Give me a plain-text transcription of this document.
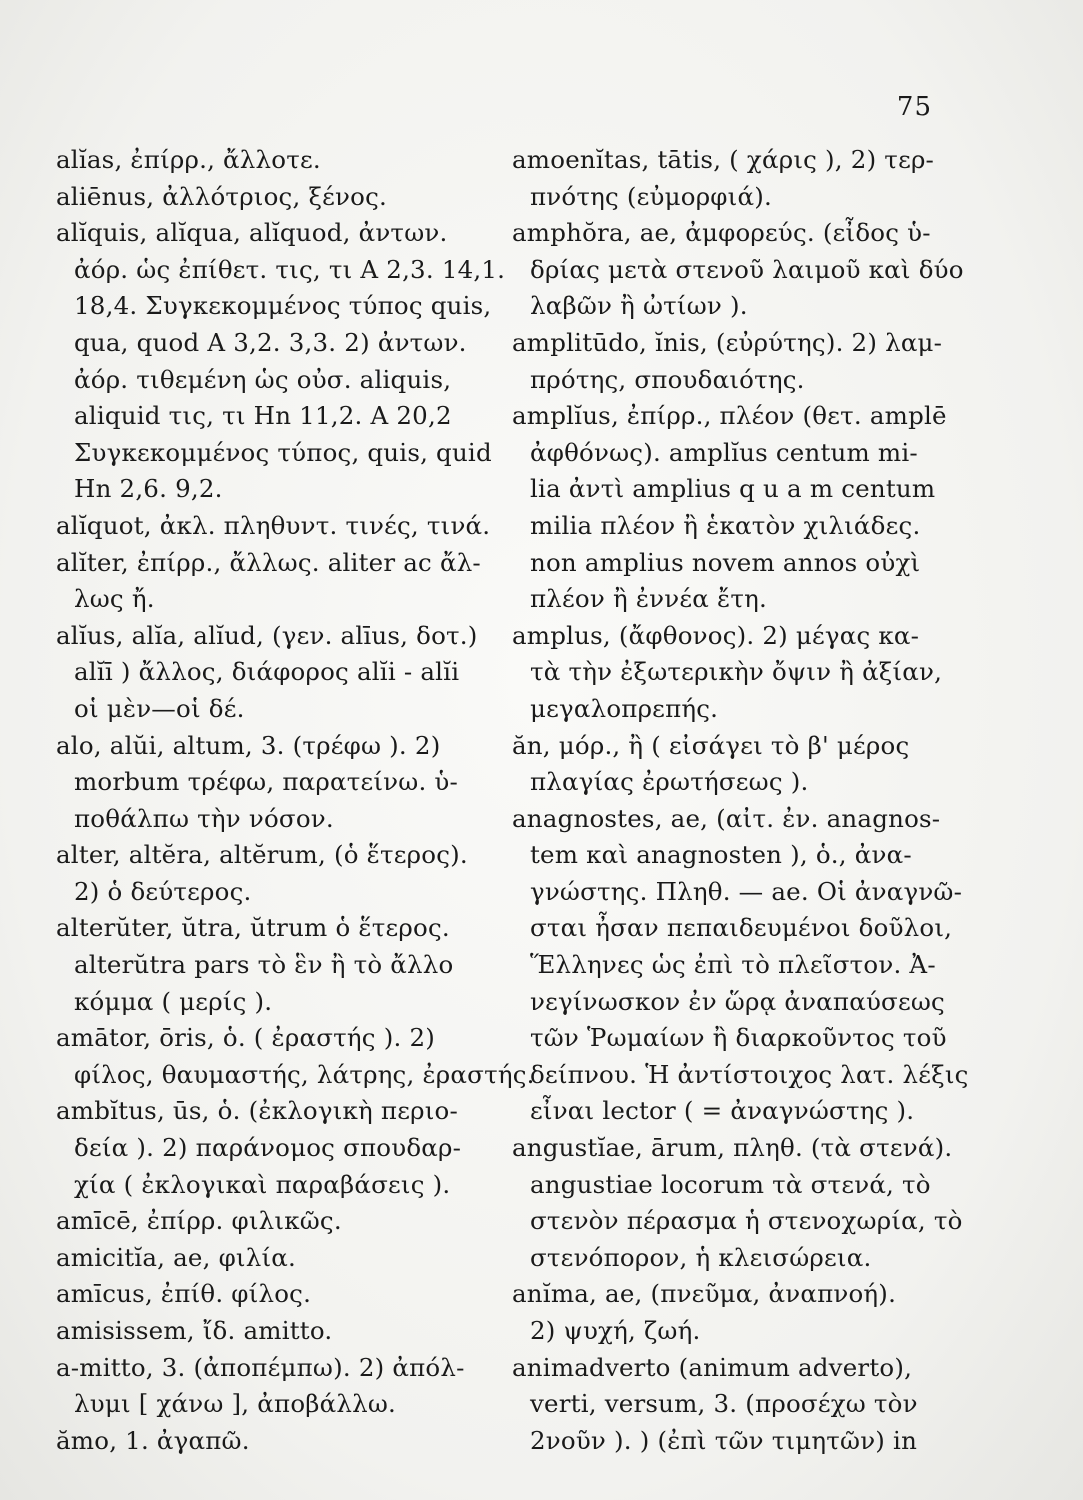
75
alĭas, ἐπίρρ., ἄλλοτε.
aliēnus, ἀλλότριος, ξένος.
alĭquis, alĭqua, alĭquod, ἀντων.
ἀόρ. ὡς ἐπίθετ. τις, τι Α 2,3. 14,1.
18,4. Συγκεκομμένος τύπος quis,
qua, quod Α 3,2. 3,3. 2) ἀντων.
ἀόρ. τιθεμένη ὡς οὐσ. aliquis,
aliquid τις, τι Ηn 11,2. Α 20,2
Συγκεκομμένος τύπος, quis, quid
Ηn 2,6. 9,2.
alĭquot, ἀκλ. πληθυντ. τινές, τινά.
alĭter, ἐπίρρ., ἄλλως. aliter ac ἄλ-
λως ἤ.
alĭus, alĭa, alĭud, (γεν. alīus, δοτ.)
alĭī ) ἄλλος, διάφορος alĭi - alĭi
οἱ μὲν—οἱ δέ.
alo, alŭi, altum, 3. (τρέφω ). 2)
morbum τρέφω, παρατείνω. ὑ-
ποθάλπω τὴν νόσον.
alter, altĕra, altĕrum, (ὁ ἕτερος).
2) ὁ δεύτερος.
alterŭter, ŭtra, ŭtrum ὁ ἕτερος.
alterŭtra pars τὸ ἓν ἢ τὸ ἄλλο
κόμμα ( μερίς ).
amātor, ōris, ὁ. ( ἐραστής ). 2)
φίλος, θαυμαστής, λάτρης, ἐραστής.
ambĭtus, ūs, ὁ. (ἐκλογικὴ περιο-
δεία ). 2) παράνομος σπουδαρ-
χία ( ἐκλογικαὶ παραβάσεις ).
amīcē, ἐπίρρ. φιλικῶς.
amicitĭa, ae, φιλία.
amīcus, ἐπίθ. φίλος.
amisissem, ἴδ. amitto.
a-mitto, 3. (ἀποπέμπω). 2) ἀπόλ-
λυμι [ χάνω ], ἀποβάλλω.
ămo, 1. ἀγαπῶ.
amoenĭtas, tātis, ( χάρις ), 2) τερ-
πνότης (εὐμορφιά).
amphŏra, ae, ἀμφορεύς. (εἶδος ὑ-
δρίας μετὰ στενοῦ λαιμοῦ καὶ δύο
λαβῶν ἢ ὠτίων ).
amplitūdo, ĭnis, (εὐρύτης). 2) λαμ-
πρότης, σπουδαιότης.
amplĭus, ἐπίρρ., πλέον (θετ. amplē
ἀφθόνως). amplĭus centum mi-
lia ἀντὶ amplius q u a m centum
milia πλέον ἢ ἑκατὸν χιλιάδες.
non amplius novem annos οὐχὶ
πλέον ἢ ἐννέα ἔτη.
amplus, (ἄφθονος). 2) μέγας κα-
τὰ τὴν ἐξωτερικὴν ὄψιν ἢ ἀξίαν,
μεγαλοπρεπής.
ăn, μόρ., ἢ ( εἰσάγει τὸ β' μέρος
πλαγίας ἐρωτήσεως ).
anagnostes, ae, (αἰτ. ἐν. anagnos-
tem καὶ anagnosten ), ὁ., ἀνα-
γνώστης. Πληθ. — ae. Οἱ ἀναγνῶ-
σται ἦσαν πεπαιδευμένοι δοῦλοι,
Ἕλληνες ὡς ἐπὶ τὸ πλεῖστον. Ἀ-
νεγίνωσκον ἐν ὥρᾳ ἀναπαύσεως
τῶν Ῥωμαίων ἢ διαρκοῦντος τοῦ
δείπνου. Ἡ ἀντίστοιχος λατ. λέξις
εἶναι lector ( = ἀναγνώστης ).
angustĭae, ārum, πληθ. (τὰ στενά).
angustiae locorum τὰ στενά, τὸ
στενὸν πέρασμα ἡ στενοχωρία, τὸ
στενόπορον, ἡ κλεισώρεια.
anĭma, ae, (πνεῦμα, ἀναπνοή).
2) ψυχή, ζωή.
animadverto (animum adverto),
verti, versum, 3. (προσέχω τὸν
2νοῦν ). ) (ἐπὶ τῶν τιμητῶν) in
